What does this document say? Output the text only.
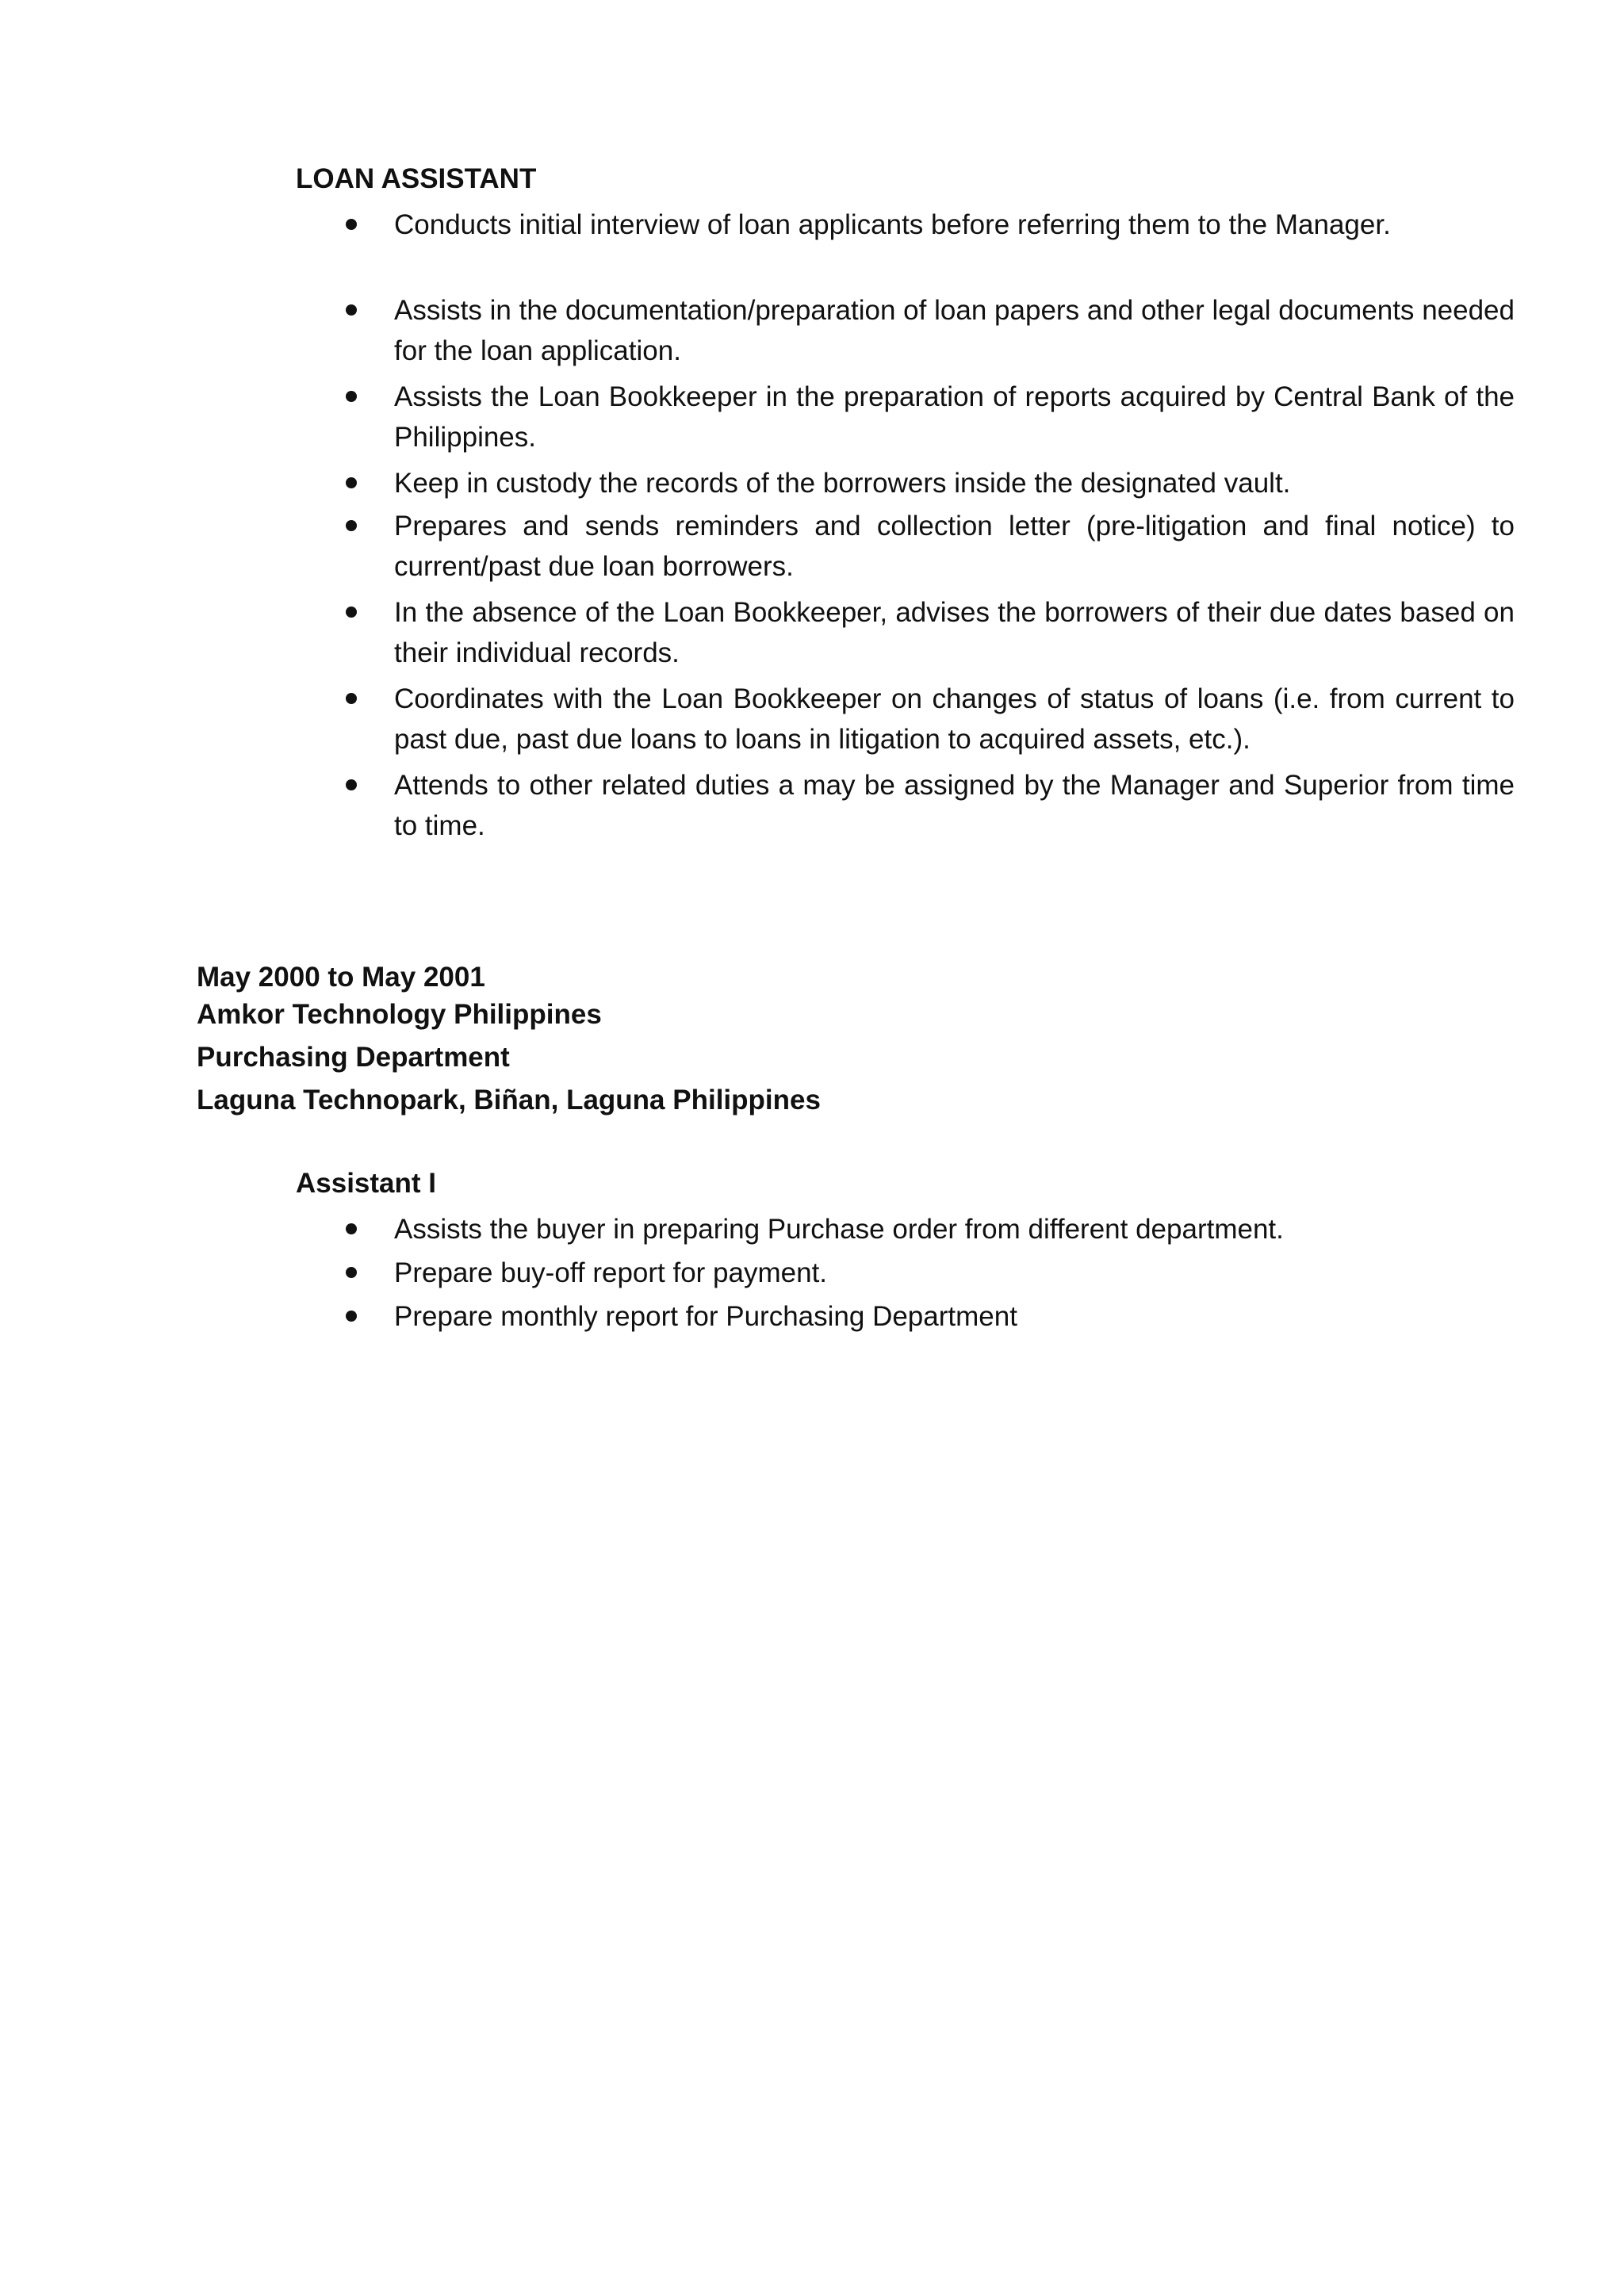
LOAN ASSISTANT
Conducts initial interview of loan applicants before referring them to the Manager.
Assists in the documentation/preparation of loan papers and other legal documents needed for the loan application.
Assists the Loan Bookkeeper in the preparation of reports acquired by Central Bank of the Philippines.
Keep in custody the records of the borrowers inside the designated vault.
Prepares and sends reminders and collection letter (pre-litigation and final notice) to current/past due loan borrowers.
In the absence of the Loan Bookkeeper, advises the borrowers of their due dates based on their individual records.
Coordinates with the Loan Bookkeeper on changes of status of loans (i.e. from current to past due, past due loans to loans in litigation to acquired assets, etc.).
Attends to other related duties a may be assigned by the Manager and Superior from time to time.
May 2000 to May 2001
Amkor Technology Philippines
Purchasing Department
Laguna Technopark, Biñan, Laguna Philippines
Assistant I
Assists the buyer in preparing Purchase order from different department.
Prepare buy-off report for payment.
Prepare monthly report for Purchasing Department
